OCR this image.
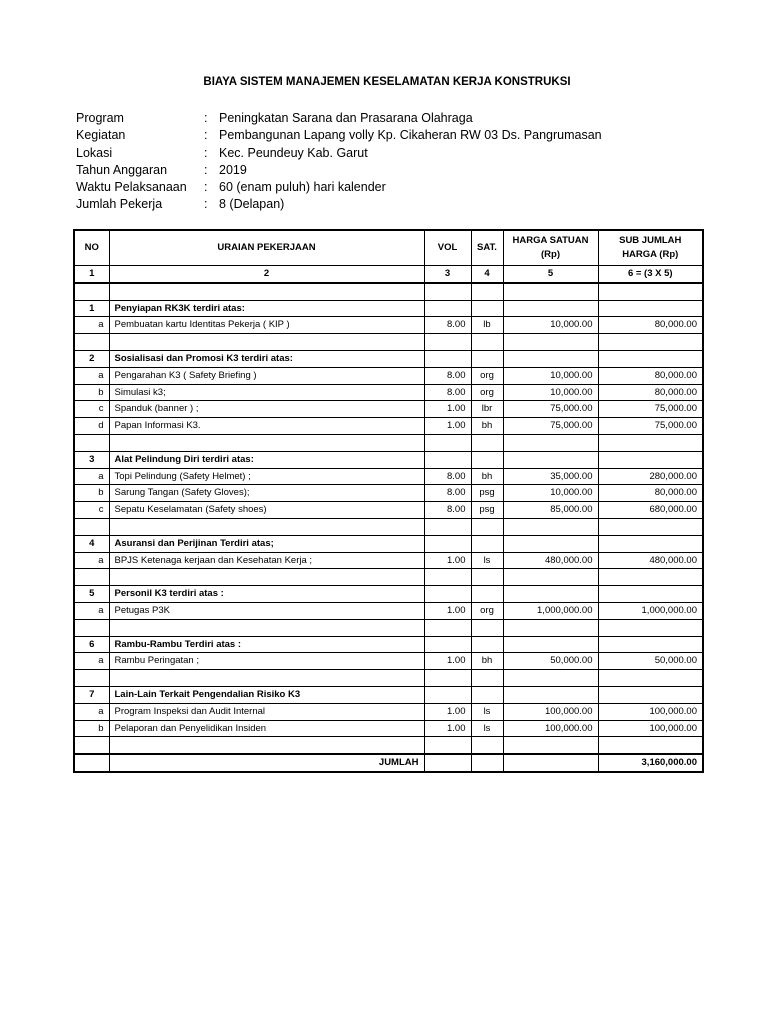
BIAYA SISTEM MANAJEMEN KESELAMATAN KERJA KONSTRUKSI
Program	: Peningkatan Sarana dan Prasarana Olahraga
Kegiatan	: Pembangunan Lapang volly Kp. Cikaheran RW 03 Ds. Pangrumasan
Lokasi	: Kec. Peundeuy Kab. Garut
Tahun Anggaran	: 2019
Waktu Pelaksanaan : 60 (enam puluh) hari kalender
Jumlah Pekerja	: 8 (Delapan)
NO	URAIAN PEKERJAAN	VOL	SAT.	HARGA SATUAN (Rp)	SUB JUMLAH HARGA (Rp)
1	2	3	4	5	6 = (3 X 5)

1	Penyiapan RK3K terdiri atas:				
a	Pembuatan kartu Identitas Pekerja ( KIP )	8.00	lb	10,000.00	80,000.00

2	Sosialisasi dan Promosi K3 terdiri atas:				
a	Pengarahan K3 ( Safety Briefing )	8.00	org	10,000.00	80,000.00
b	Simulasi k3;	8.00	org	10,000.00	80,000.00
c	Spanduk (banner ) ;	1.00	lbr	75,000.00	75,000.00
d	Papan Informasi K3.	1.00	bh	75,000.00	75,000.00

3	Alat Pelindung Diri terdiri atas:				
a	Topi Pelindung (Safety Helmet) ;	8.00	bh	35,000.00	280,000.00
b	Sarung Tangan (Safety Gloves);	8.00	psg	10,000.00	80,000.00
c	Sepatu Keselamatan (Safety shoes)	8.00	psg	85,000.00	680,000.00

4	Asuransi dan Perijinan Terdiri atas;				
a	BPJS Ketenaga kerjaan dan Kesehatan Kerja ;	1.00	ls	480,000.00	480,000.00

5	Personil K3 terdiri atas :				
a	Petugas P3K	1.00	org	1,000,000.00	1,000,000.00

6	Rambu-Rambu Terdiri atas :				
a	Rambu Peringatan ;	1.00	bh	50,000.00	50,000.00

7	Lain-Lain Terkait Pengendalian Risiko K3				
a	Program Inspeksi dan Audit Internal	1.00	ls	100,000.00	100,000.00
b	Pelaporan dan Penyelidikan Insiden	1.00	ls	100,000.00	100,000.00

	JUMLAH				3,160,000.00
